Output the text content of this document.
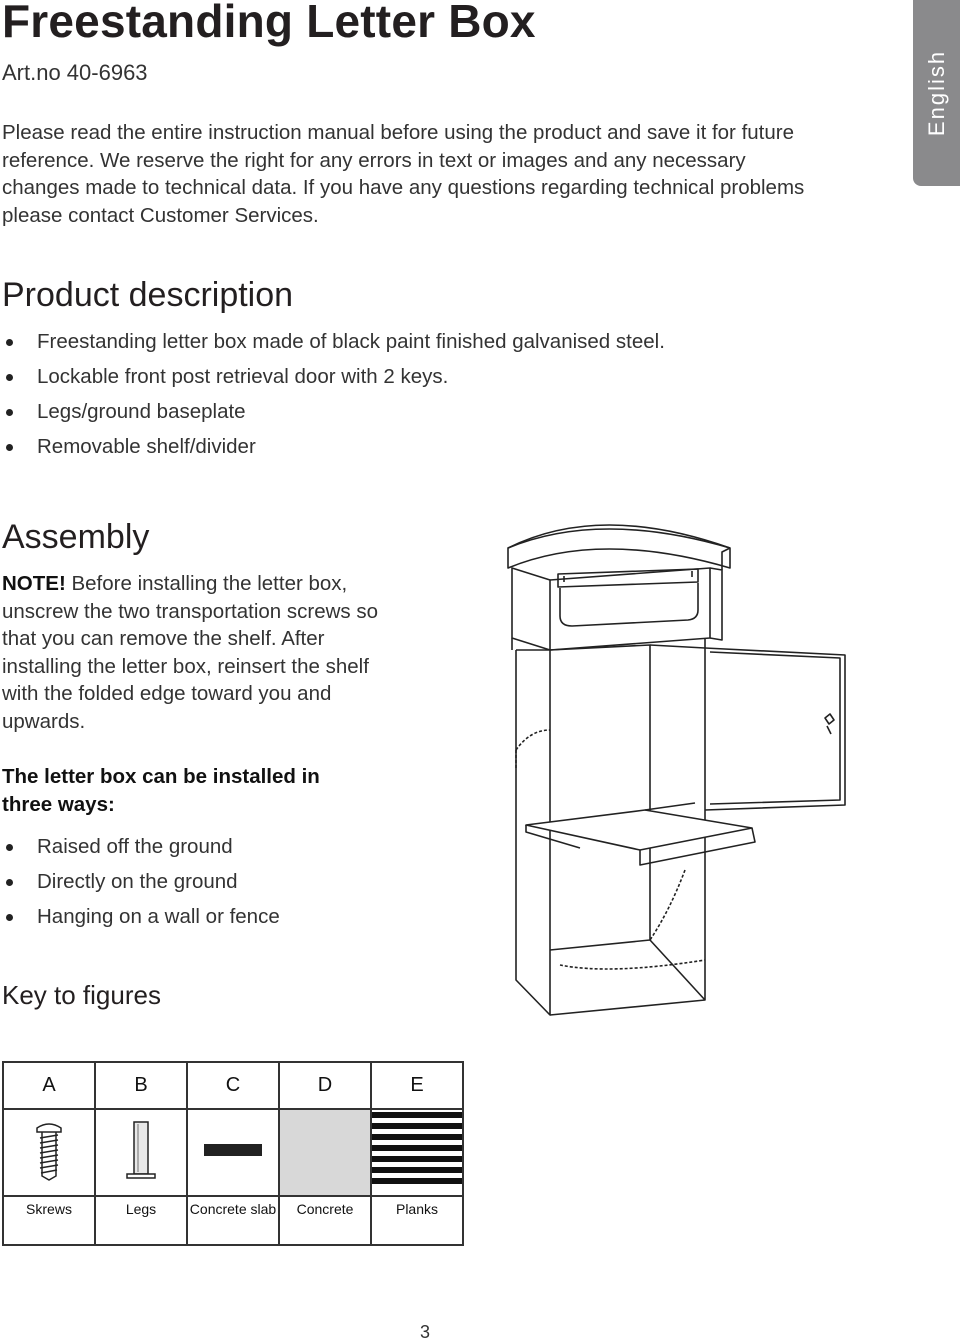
Freestanding Letter Box
Art.no 40-6963
Please read the entire instruction manual before using the product and save it for future reference. We reserve the right for any errors in text or images and any necessary changes made to technical data. If you have any questions regarding technical problems please contact Customer Services.
English
Product description
Freestanding letter box made of black paint finished galvanised steel.
Lockable front post retrieval door with 2 keys.
Legs/ground baseplate
Removable shelf/divider
Assembly
NOTE! Before installing the letter box, unscrew the two transportation screws so that you can remove the shelf. After installing the letter box, reinsert the shelf with the folded edge toward you and upwards.
The letter box can be installed in three ways:
Raised off the ground
Directly on the ground
Hanging on a wall or fence
Key to figures
A	B	C	D	E

Skrews	Legs	Concrete slab	Concrete	Planks
3
